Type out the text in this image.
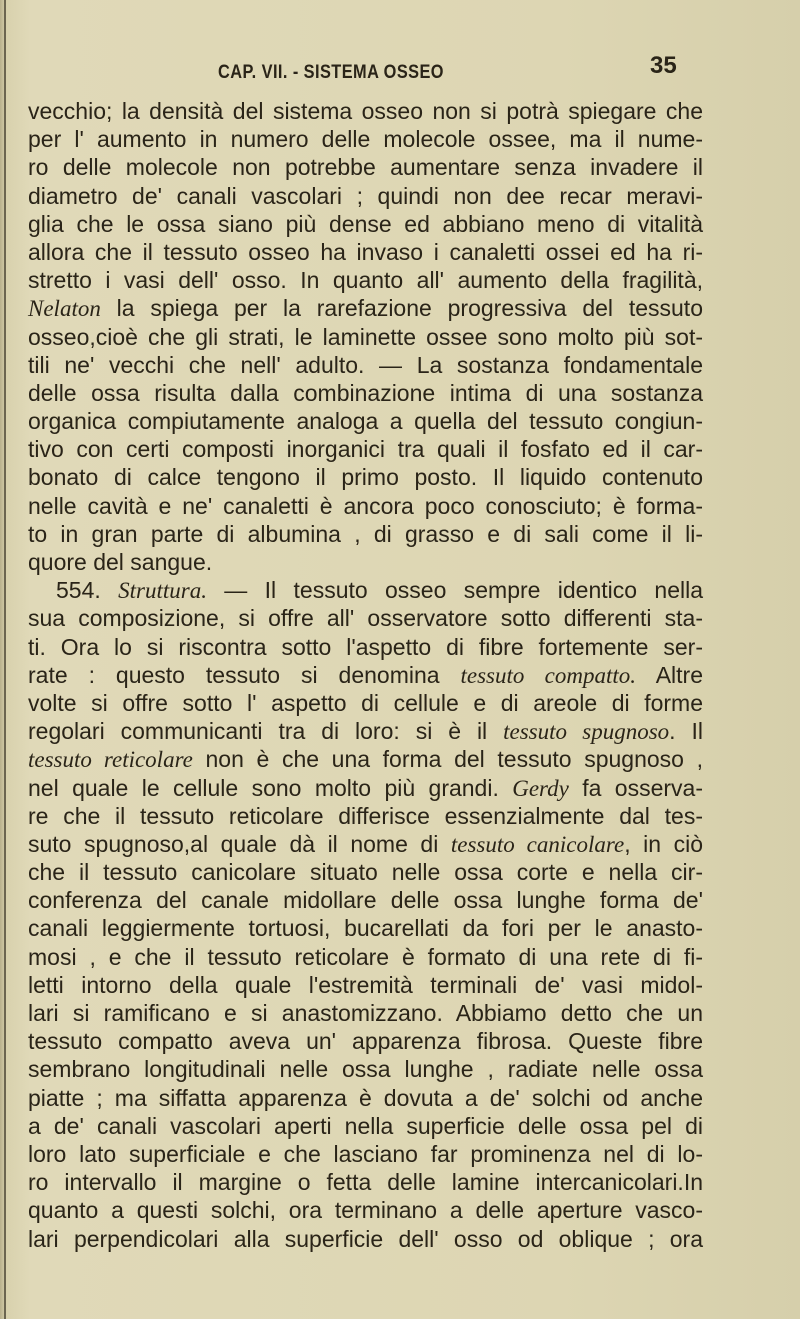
CAP. VII. - SISTEMA OSSEO	35
vecchio; la densità del sistema osseo non si potrà spiegare che
per l' aumento in numero delle molecole ossee, ma il nume-
ro delle molecole non potrebbe aumentare senza invadere il
diametro de' canali vascolari ; quindi non dee recar meravi-
glia che le ossa siano più dense ed abbiano meno di vitalità
allora che il tessuto osseo ha invaso i canaletti ossei ed ha ri-
stretto i vasi dell' osso. In quanto all' aumento della fragilità,
Nelaton la spiega per la rarefazione progressiva del tessuto
osseo,cioè che gli strati, le laminette ossee sono molto più sot-
tili ne' vecchi che nell' adulto. — La sostanza fondamentale
delle ossa risulta dalla combinazione intima di una sostanza
organica compiutamente analoga a quella del tessuto congiun-
tivo con certi composti inorganici tra quali il fosfato ed il car-
bonato di calce tengono il primo posto. Il liquido contenuto
nelle cavità e ne' canaletti è ancora poco conosciuto; è forma-
to in gran parte di albumina , di grasso e di sali come il li-
quore del sangue.
554. Struttura. — Il tessuto osseo sempre identico nella
sua composizione, si offre all' osservatore sotto differenti sta-
ti. Ora lo si riscontra sotto l'aspetto di fibre fortemente ser-
rate : questo tessuto si denomina tessuto compatto. Altre
volte si offre sotto l' aspetto di cellule e di areole di forme
regolari communicanti tra di loro: si è il tessuto spugnoso. Il
tessuto reticolare non è che una forma del tessuto spugnoso ,
nel quale le cellule sono molto più grandi. Gerdy fa osserva-
re che il tessuto reticolare differisce essenzialmente dal tes-
suto spugnoso,al quale dà il nome di tessuto canicolare, in ciò
che il tessuto canicolare situato nelle ossa corte e nella cir-
conferenza del canale midollare delle ossa lunghe forma de'
canali leggiermente tortuosi, bucarellati da fori per le anasto-
mosi , e che il tessuto reticolare è formato di una rete di fi-
letti intorno della quale l'estremità terminali de' vasi midol-
lari si ramificano e si anastomizzano. Abbiamo detto che un
tessuto compatto aveva un' apparenza fibrosa. Queste fibre
sembrano longitudinali nelle ossa lunghe , radiate nelle ossa
piatte ; ma siffatta apparenza è dovuta a de' solchi od anche
a de' canali vascolari aperti nella superficie delle ossa pel di
loro lato superficiale e che lasciano far prominenza nel di lo-
ro intervallo il margine o fetta delle lamine intercanicolari.In
quanto a questi solchi, ora terminano a delle aperture vasco-
lari perpendicolari alla superficie dell' osso od oblique ; ora
